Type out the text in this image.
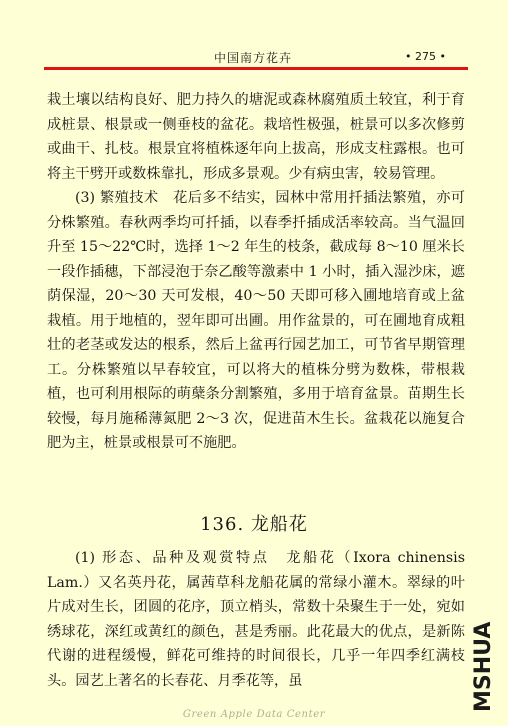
中国南方花卉	• 275 •

栽土壤以结构良好、肥力持久的塘泥或森林腐殖质土较宜，利于育成桩景、根景或一侧垂枝的盆花。栽培性极强，桩景可以多次修剪或曲干、扎枝。根景宜将植株逐年向上拔高，形成支柱露根。也可将主干劈开或数株靠扎，形成多景观。少有病虫害，较易管理。

(3) 繁殖技术　花后多不结实，园林中常用扦插法繁殖，亦可分株繁殖。春秋两季均可扦插，以春季扦插成活率较高。当气温回升至 15～22℃时，选择 1～2 年生的枝条，截成每 8～10 厘米长一段作插穗，下部浸泡于奈乙酸等激素中 1 小时，插入湿沙床，遮荫保湿，20～30 天可发根，40～50 天即可移入圃地培育或上盆栽植。用于地植的，翌年即可出圃。用作盆景的，可在圃地育成粗壮的老茎或发达的根系，然后上盆再行园艺加工，可节省早期管理工。分株繁殖以早春较宜，可以将大的植株分劈为数株，带根栽植，也可利用根际的萌蘖条分割繁殖，多用于培育盆景。苗期生长较慢，每月施稀薄氮肥 2～3 次，促进苗木生长。盆栽花以施复合肥为主，桩景或根景可不施肥。

136. 龙船花

(1) 形态、品种及观赏特点　龙船花（Ixora chinensis Lam.）又名英丹花，属茜草科龙船花属的常绿小灌木。翠绿的叶片成对生长，团圆的花序，顶立梢头，常数十朵聚生于一处，宛如绣球花，深红或黄红的颜色，甚是秀丽。此花最大的优点，是新陈代谢的进程缓慢，鲜花可维持的时间很长，几乎一年四季红满枝头。园艺上著名的长春花、月季花等，虽	MSHUA
Green Apple Data Center
